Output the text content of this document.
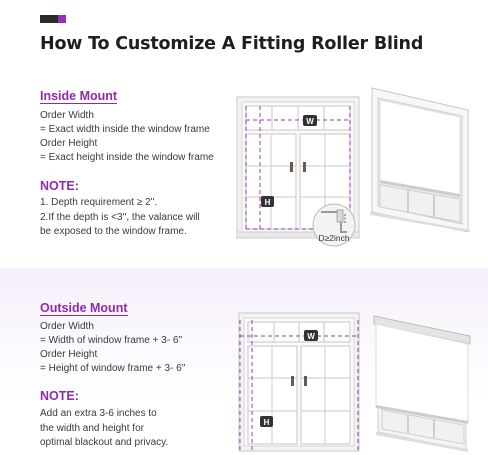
How To Customize A Fitting Roller Blind
Inside Mount
Order Width
= Exact width inside the window frame
Order Height
= Exact height inside the window frame
NOTE:
1. Depth requirement ≥ 2''.
2.If the depth is <3'', the valance will
be exposed to the window frame.
Outside Mount
Order Width
= Width of window frame + 3- 6''
Order Height
= Height of window frame + 3- 6''
NOTE:
Add an extra 3-6 inches to
the width and height for
optimal blackout and privacy.
W
H
D≥2inch
W
H
